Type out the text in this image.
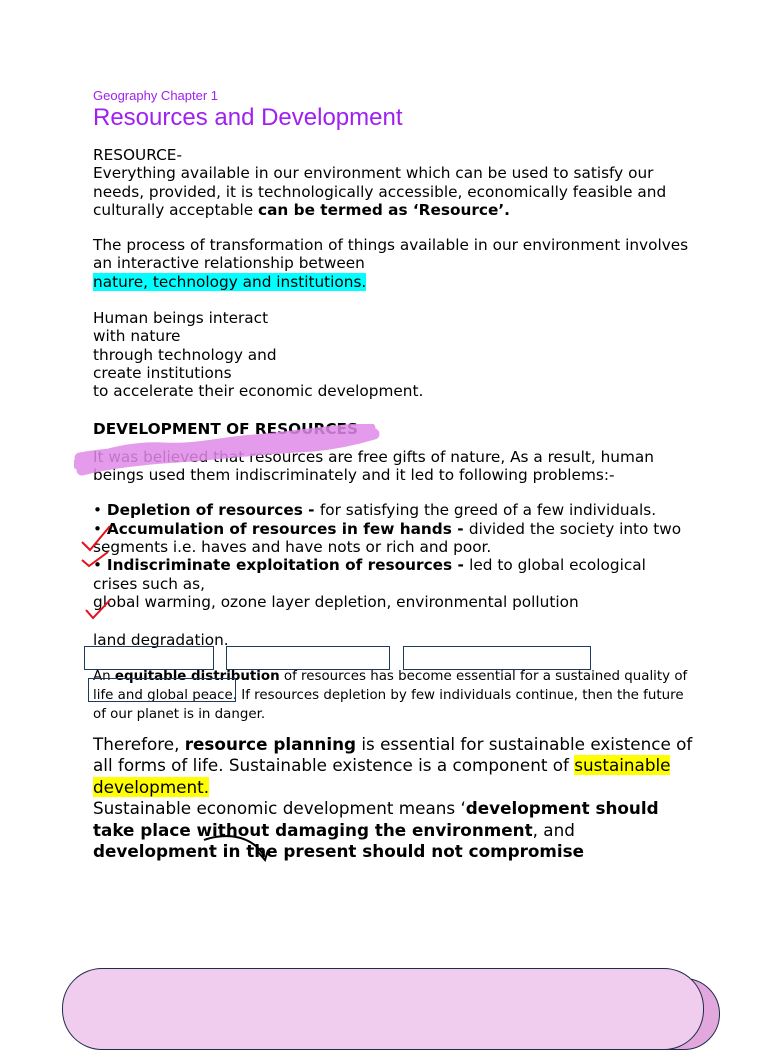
Geography Chapter 1

Resources and Development

RESOURCE-

Everything available in our environment which can be used to satisfy our needs, provided, it is technologically accessible, economically feasible and culturally acceptable can be termed as ‘Resource’.

The process of transformation of things available in our environment involves an interactive relationship between

nature, technology and institutions.

Human beings interact

with nature

through technology and

create institutions

to accelerate their economic development.

DEVELOPMENT OF RESOURCES

It was believed that resources are free gifts of nature, As a result, human beings used them indiscriminately and it led to following problems:-

• Depletion of resources - for satisfying the greed of a few individuals.

• Accumulation of resources in few hands - divided the society into two segments i.e. haves and have nots or rich and poor.

• Indiscriminate exploitation of resources - led to global ecological crises such as,

global warming, ozone layer depletion, environmental pollution

land degradation.

An equitable distribution of resources has become essential for a sustained quality of life and global peace. If resources depletion by few individuals continue, then the future of our planet is in danger.

Therefore, resource planning is essential for sustainable existence of all forms of life. Sustainable existence is a component of sustainable development.

Sustainable economic development means ‘development should take place without damaging the environment, and development in the present should not compromise
